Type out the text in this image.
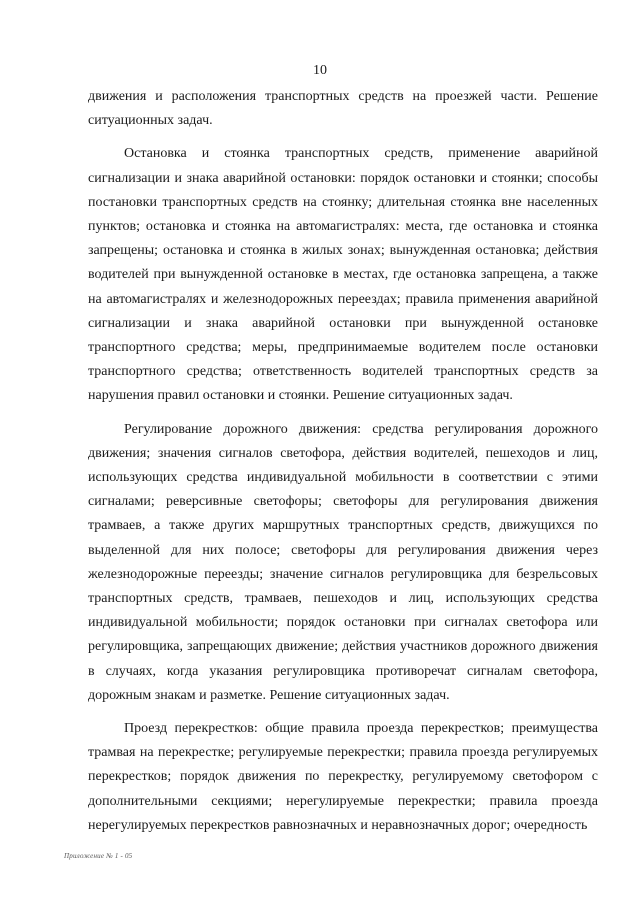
10

движения и расположения транспортных средств на проезжей части. Решение ситуационных задач.

Остановка и стоянка транспортных средств, применение аварийной сигнализации и знака аварийной остановки: порядок остановки и стоянки; способы постановки транспортных средств на стоянку; длительная стоянка вне населенных пунктов; остановка и стоянка на автомагистралях: места, где остановка и стоянка запрещены; остановка и стоянка в жилых зонах; вынужденная остановка; действия водителей при вынужденной остановке в местах, где остановка запрещена, а также на автомагистралях и железнодорожных переездах; правила применения аварийной сигнализации и знака аварийной остановки при вынужденной остановке транспортного средства; меры, предпринимаемые водителем после остановки транспортного средства; ответственность водителей транспортных средств за нарушения правил остановки и стоянки. Решение ситуационных задач.

Регулирование дорожного движения: средства регулирования дорожного движения; значения сигналов светофора, действия водителей, пешеходов и лиц, использующих средства индивидуальной мобильности в соответствии с этими сигналами; реверсивные светофоры; светофоры для регулирования движения трамваев, а также других маршрутных транспортных средств, движущихся по выделенной для них полосе; светофоры для регулирования движения через железнодорожные переезды; значение сигналов регулировщика для безрельсовых транспортных средств, трамваев, пешеходов и лиц, использующих средства индивидуальной мобильности; порядок остановки при сигналах светофора или регулировщика, запрещающих движение; действия участников дорожного движения в случаях, когда указания регулировщика противоречат сигналам светофора, дорожным знакам и разметке. Решение ситуационных задач.

Проезд перекрестков: общие правила проезда перекрестков; преимущества трамвая на перекрестке; регулируемые перекрестки; правила проезда регулируемых перекрестков; порядок движения по перекрестку, регулируемому светофором с дополнительными секциями; нерегулируемые перекрестки; правила проезда нерегулируемых перекрестков равнозначных и неравнозначных дорог; очередность

Приложение № 1 - 05
